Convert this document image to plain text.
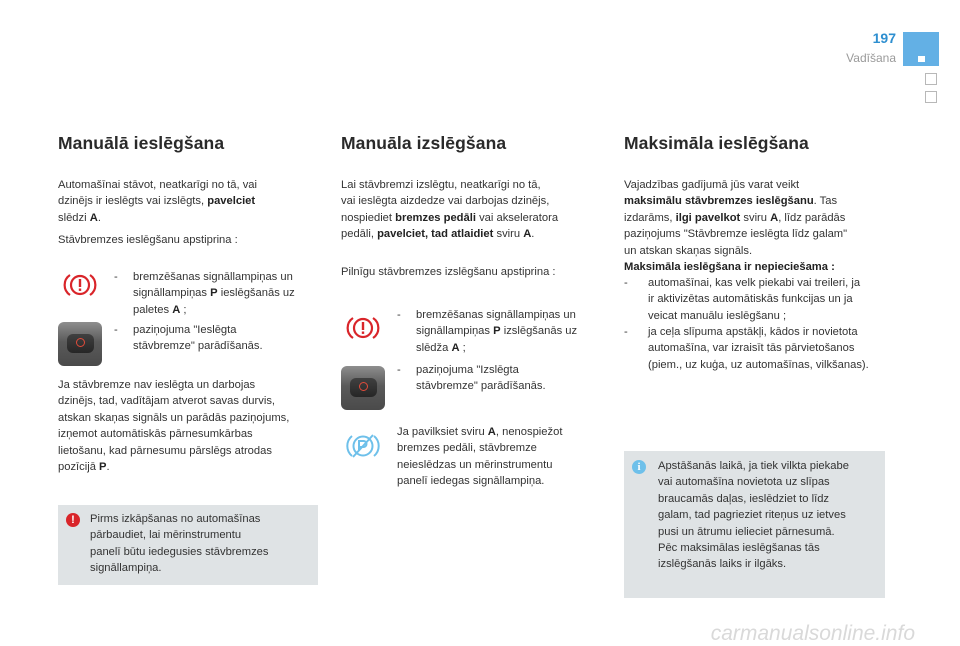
197
Vadīšana
Manuālā ieslēgšana
Automašīnai stāvot, neatkarīgi no tā, vai
dzinējs ir ieslēgts vai izslēgts, pavelciet
slēdzi A.
Stāvbremzes ieslēgšanu apstiprina :
- bremzēšanas signāllampiņas un
signāllampiņas P ieslēgšanās uz
paletes A ;
- paziņojuma "Ieslēgta
stāvbremze" parādīšanās.
Ja stāvbremze nav ieslēgta un darbojas
dzinējs, tad, vadītājam atverot savas durvis,
atskan skaņas signāls un parādās paziņojums,
izņemot automātiskās pārnesumkārbas
lietošanu, kad pārnesumu pārslēgs atrodas
pozīcijā P.
!	Pirms izkāpšanas no automašīnas
pārbaudiet, lai mērinstrumentu
panelī būtu iedegusies stāvbremzes
signāllampiņa.
Manuāla izslēgšana
Lai stāvbremzi izslēgtu, neatkarīgi no tā,
vai ieslēgta aizdedze vai darbojas dzinējs,
nospiediet bremzes pedāli vai akseleratora
pedāli, pavelciet, tad atlaidiet sviru A.
Pilnīgu stāvbremzes izslēgšanu apstiprina :
- bremzēšanas signāllampiņas un
signāllampiņas P izslēgšanās uz
slēdža A ;
- paziņojuma "Izslēgta
stāvbremze" parādīšanās.
Ja pavilksiet sviru A, nenospiežot
bremzes pedāli, stāvbremze
neieslēdzas un mērinstrumentu
panelī iedegas signāllampiņa.
Maksimāla ieslēgšana
Vajadzības gadījumā jūs varat veikt
maksimālu stāvbremzes ieslēgšanu. Tas
izdarāms, ilgi pavelkot sviru A, līdz parādās
paziņojums "Stāvbremze ieslēgta līdz galam"
un atskan skaņas signāls.
Maksimāla ieslēgšana ir nepieciešama :
- automašīnai, kas velk piekabi vai treileri, ja
ir aktivizētas automātiskās funkcijas un ja
veicat manuālu ieslēgšanu ;
- ja ceļa slīpuma apstākļi, kādos ir novietota
automašīna, var izraisīt tās pārvietošanos
(piem., uz kuģa, uz automašīnas, vilkšanas).
i	Apstāšanās laikā, ja tiek vilkta piekabe
vai automašīna novietota uz slīpas
braucamās daļas, ieslēdziet to līdz
galam, tad pagrieziet riteņus uz ietves
pusi un ātrumu ielieciet pārnesumā.
Pēc maksimālas ieslēgšanas tās
izslēgšanās laiks ir ilgāks.
carmanualsonline.info
